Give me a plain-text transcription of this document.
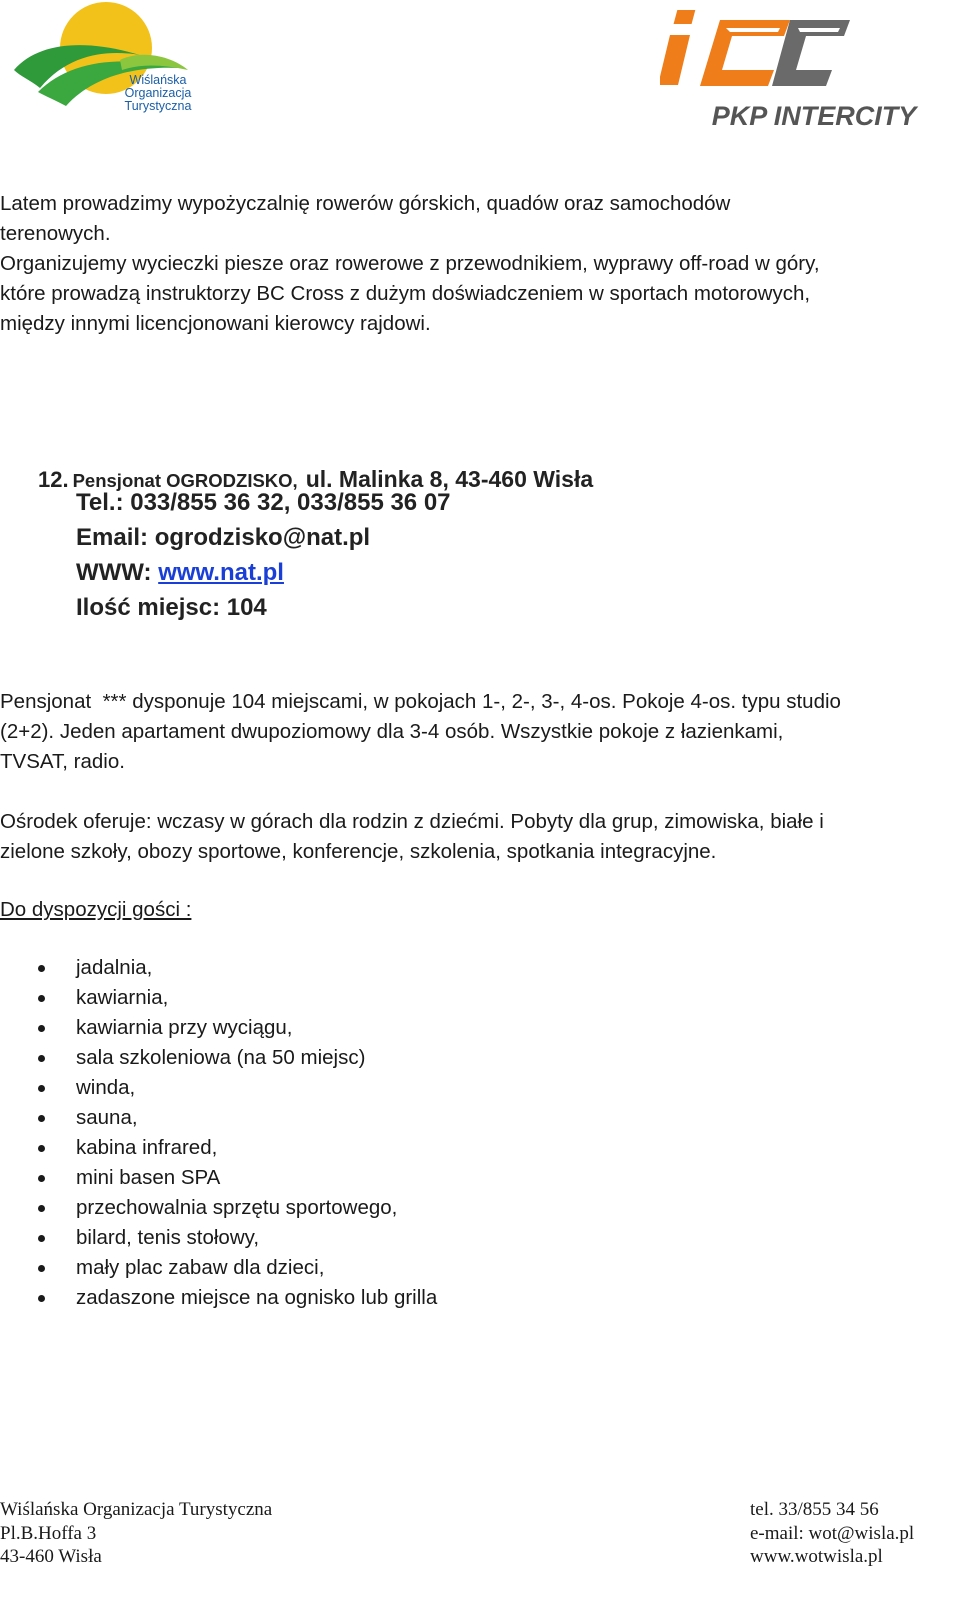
Wiślańska
Organizacja
Turystyczna	PKP INTERCITY
Latem prowadzimy wypożyczalnię rowerów górskich, quadów oraz samochodów
terenowych.
Organizujemy wycieczki piesze oraz rowerowe z przewodnikiem, wyprawy off-road w góry,
które prowadzą instruktorzy BC Cross z dużym doświadczeniem w sportach motorowych,
między innymi licencjonowani kierowcy rajdowi.
12. Pensjonat OGRODZISKO, ul. Malinka 8, 43-460 Wisła
Tel.: 033/855 36 32, 033/855 36 07
Email: ogrodzisko@nat.pl
WWW: www.nat.pl
Ilość miejsc: 104
Pensjonat  *** dysponuje 104 miejscami, w pokojach 1-, 2-, 3-, 4-os. Pokoje 4-os. typu studio
(2+2). Jeden apartament dwupoziomowy dla 3-4 osób. Wszystkie pokoje z łazienkami,
TVSAT, radio.
Ośrodek oferuje: wczasy w górach dla rodzin z dziećmi. Pobyty dla grup, zimowiska, białe i
zielone szkoły, obozy sportowe, konferencje, szkolenia, spotkania integracyjne.
Do dyspozycji gości :
jadalnia,
kawiarnia,
kawiarnia przy wyciągu,
sala szkoleniowa (na 50 miejsc)
winda,
sauna,
kabina infrared,
mini basen SPA
przechowalnia sprzętu sportowego,
bilard, tenis stołowy,
mały plac zabaw dla dzieci,
zadaszone miejsce na ognisko lub grilla
Wiślańska Organizacja Turystyczna
Pl.B.Hoffa 3
43-460 Wisła
tel. 33/855 34 56
e-mail: wot@wisla.pl
www.wotwisla.pl
